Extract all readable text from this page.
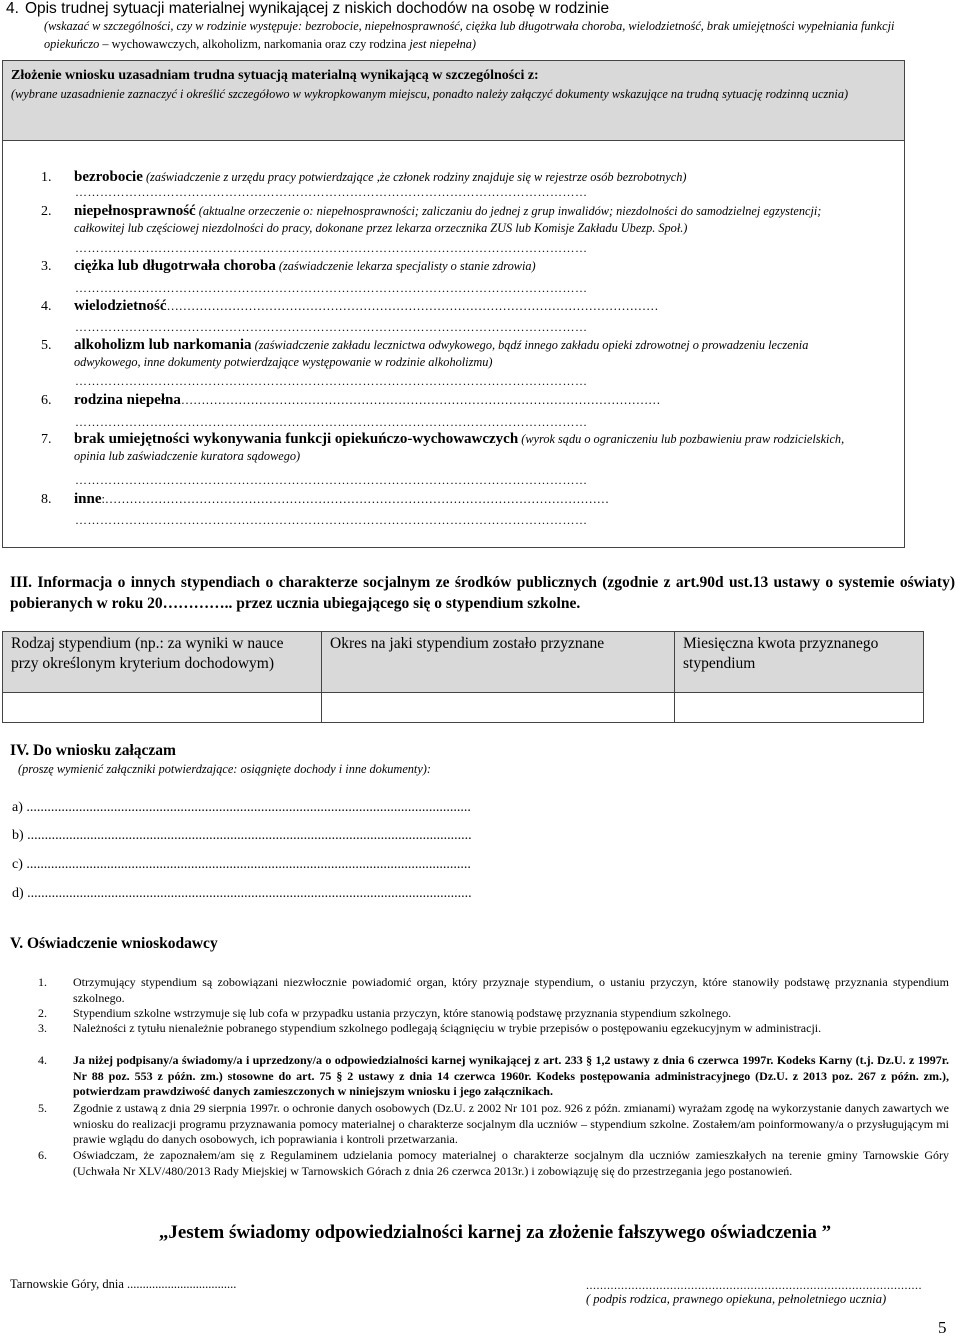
4. Opis trudnej sytuacji materialnej wynikającej z niskich dochodów na osobę w rodzinie
(wskazać w szczególności, czy w rodzinie występuje: bezrobocie, niepełnosprawność, ciężka lub długotrwała choroba, wielodzietność, brak umiejętności wypełniania funkcji opiekuńczo – wychowawczych, alkoholizm, narkomania oraz czy rodzina jest niepełna)
Złożenie wniosku uzasadniam trudna sytuacją materialną wynikającą w szczególności z:
(wybrane uzasadnienie zaznaczyć i określić szczegółowo w wykropkowanym miejscu, ponadto należy załączyć dokumenty wskazujące na trudną sytuację rodzinną ucznia)
1. bezrobocie (zaświadczenie z urzędu pracy potwierdzające ,że członek rodziny znajduje się w rejestrze osób bezrobotnych)
……………………………………………………………………………………………………………
2. niepełnosprawność (aktualne orzeczenie o: niepełnosprawności; zaliczaniu do jednej z grup inwalidów; niezdolności do samodzielnej egzystencji; całkowitej lub częściowej niezdolności do pracy, dokonane przez lekarza orzecznika ZUS lub Komisje Zakładu Ubezp. Społ.)
……………………………………………………………………………………………………………
3. ciężka lub długotrwała choroba (zaświadczenie lekarza specjalisty o stanie zdrowia)
……………………………………………………………………………………………………………
4. wielodzietność…………………………………………………………………………………………………………
……………………………………………………………………………………………………………
5. alkoholizm lub narkomania (zaświadczenie zakładu lecznictwa odwykowego, bądź innego zakładu opieki zdrowotnej o prowadzeniu leczenia odwykowego, inne dokumenty potwierdzające występowanie w rodzinie alkoholizmu)
……………………………………………………………………………………………………………
6. rodzina niepełna………………………………………………………………………………………………………
……………………………………………………………………………………………………………
7. brak umiejętności wykonywania funkcji opiekuńczo-wychowawczych (wyrok sądu o ograniczeniu lub pozbawieniu praw rodzicielskich, opinia lub zaświadczenie kuratora sądowego)
……………………………………………………………………………………………………………
8. inne:……………………………………………………………………………………………………………
……………………………………………………………………………………………………………
III. Informacja o innych stypendiach o charakterze socjalnym ze środków publicznych (zgodnie z art.90d ust.13 ustawy o systemie oświaty) pobieranych w roku 20………….. przez ucznia ubiegającego się o stypendium szkolne.
Rodzaj stypendium (np.: za wyniki w nauce przy określonym kryterium dochodowym)	Okres na jaki stypendium zostało przyznane	Miesięczna kwota przyznanego stypendium

IV. Do wniosku załączam
(proszę wymienić załączniki potwierdzające: osiągnięte dochody i inne dokumenty):
a) ...............................................................................................................................
b) ...............................................................................................................................
c) ...............................................................................................................................
d) ...............................................................................................................................
V. Oświadczenie wnioskodawcy
1. Otrzymujący stypendium są zobowiązani niezwłocznie powiadomić organ, który przyznaje stypendium, o ustaniu przyczyn, które stanowiły podstawę przyznania stypendium szkolnego.
2. Stypendium szkolne wstrzymuje się lub cofa w przypadku ustania przyczyn, które stanowią podstawę przyznania stypendium szkolnego.
3. Należności z tytułu nienależnie pobranego stypendium szkolnego podlegają ściągnięciu w trybie przepisów o postępowaniu egzekucyjnym w administracji.
4. Ja niżej podpisany/a świadomy/a i uprzedzony/a o odpowiedzialności karnej wynikającej z art. 233 § 1,2 ustawy z dnia 6 czerwca 1997r. Kodeks Karny (t.j. Dz.U. z 1997r. Nr 88 poz. 553 z późn. zm.) stosowne do art. 75 § 2 ustawy z dnia 14 czerwca 1960r. Kodeks postępowania administracyjnego (Dz.U. z 2013 poz. 267 z późn. zm.), potwierdzam prawdziwość danych zamieszczonych w niniejszym wniosku i jego załącznikach.
5. Zgodnie z ustawą z dnia 29 sierpnia 1997r. o ochronie danych osobowych (Dz.U. z 2002 Nr 101 poz. 926 z późn. zmianami) wyrażam zgodę na wykorzystanie danych zawartych we wniosku do realizacji programu przyznawania pomocy materialnej o charakterze socjalnym dla uczniów – stypendium szkolne. Zostałem/am poinformowany/a o przysługującym mi prawie wglądu do danych osobowych, ich poprawiania i kontroli przetwarzania.
6. Oświadczam, że zapoznałem/am się z Regulaminem udzielania pomocy materialnej o charakterze socjalnym dla uczniów zamieszkałych na terenie gminy Tarnowskie Góry (Uchwała Nr XLV/480/2013 Rady Miejskiej w Tarnowskich Górach z dnia 26 czerwca 2013r.) i zobowiązuję się do przestrzegania jego postanowień.
„Jestem świadomy odpowiedzialności karnej za złożenie fałszywego oświadczenia ”
Tarnowskie Góry, dnia ...................................	................................................................................................
( podpis rodzica, prawnego opiekuna, pełnoletniego ucznia)
5
